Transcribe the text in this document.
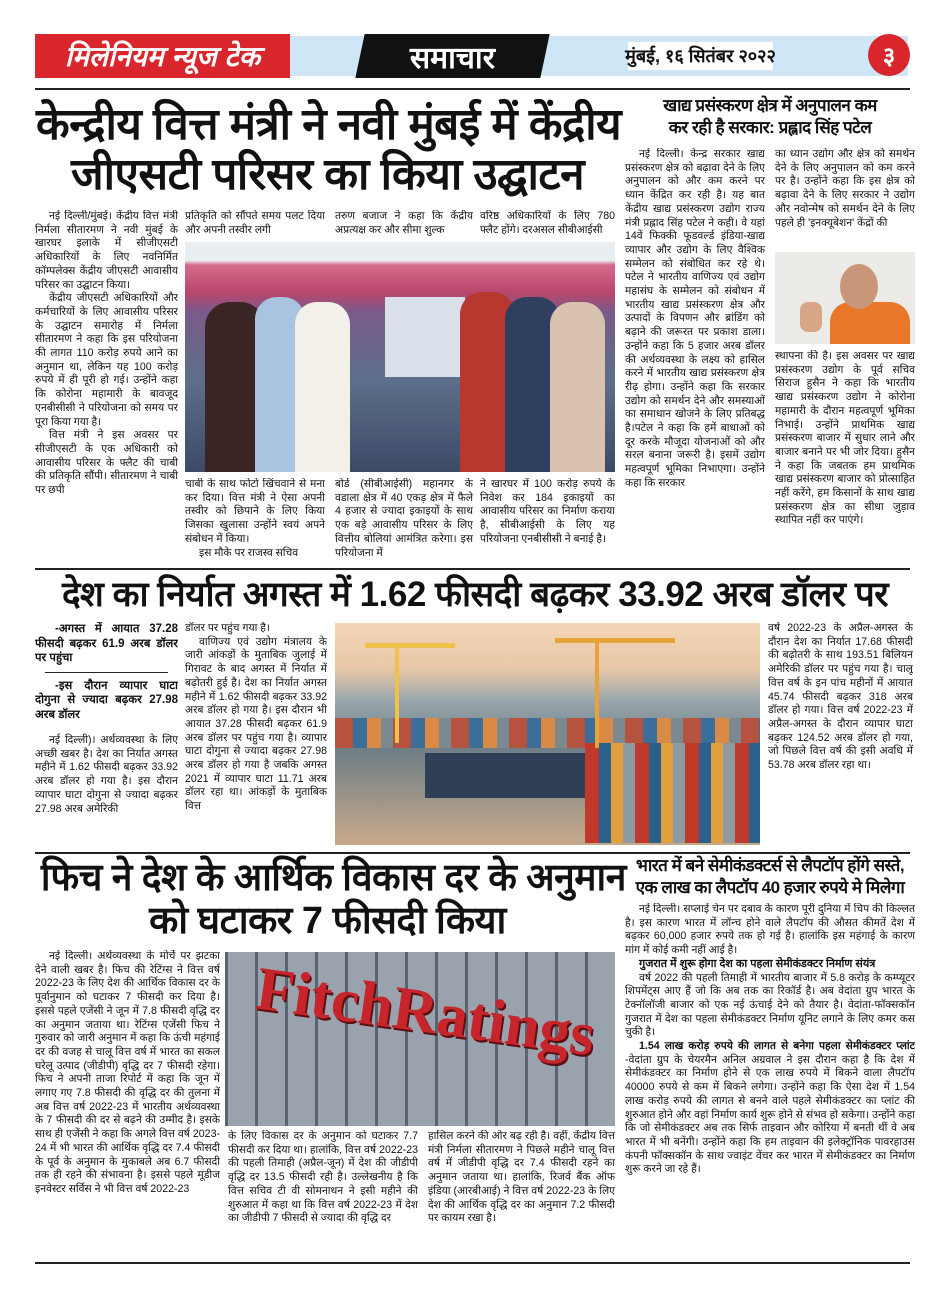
मिलेनियम न्यूज टेक	समाचार	मुंबई, १६ सितंबर २०२२	३
केन्द्रीय वित्त मंत्री ने नवी मुंबई में केंद्रीय
जीएसटी परिसर का किया उद्घाटन

नई दिल्ली/मुंबई। केंद्रीय वित्त मंत्री निर्मला सीतारमण ने नवी मुंबई के खारघर इलाके में सीजीएसटी अधिकारियों के लिए नवनिर्मित कॉम्पलेक्स केंद्रीय जीएसटी आवासीय परिसर का उद्घाटन किया।

केंद्रीय जीएसटी अधिकारियों और कर्मचारियों के लिए आवासीय परिसर के उद्घाटन समारोह में निर्मला सीतारमण ने कहा कि इस परियोजना की लागत 110 करोड़ रुपये आने का अनुमान था, लेकिन यह 100 करोड़ रुपये में ही पूरी हो गई। उन्होंने कहा कि कोरोना महामारी के बावजूद एनबीसीसी ने परियोजना को समय पर पूरा किया गया है।

वित्त मंत्री ने इस अवसर पर सीजीएसटी के एक अधिकारी को आवासीय परिसर के फ्लैट की चाबी की प्रतिकृति सौंपी। सीतारमण ने चाबी पर छपी

प्रतिकृति को सौंपते समय पलट दिया और अपनी तस्वीर लगी

तरुण बजाज ने कहा कि केंद्रीय अप्रत्यक्ष कर और सीमा शुल्क

वरिष्ठ अधिकारियों के लिए 780 फ्लैट होंगे। दरअसल सीबीआईसी

चाबी के साथ फोटो खिंचवाने से मना कर दिया। वित्त मंत्री ने ऐसा अपनी तस्वीर को छिपाने के लिए किया जिसका खुलासा उन्होंने स्वयं अपने संबोधन में किया।

इस मौके पर राजस्व सचिव

बोर्ड (सीबीआईसी) महानगर के वडाला क्षेत्र में 40 एकड़ क्षेत्र में फैले 4 हजार से ज्यादा इकाइयों के साथ एक बड़े आवासीय परिसर के लिए वित्तीय बोलियां आमंत्रित करेगा। इस परियोजना में

ने खारघर में 100 करोड़ रुपये के निवेश कर 184 इकाइयों का आवासीय परिसर का निर्माण कराया है, सीबीआईसी के लिए यह परियोजना एनबीसीसी ने बनाई है।

खाद्य प्रसंस्करण क्षेत्र में अनुपालन कम
कर रही है सरकार: प्रह्लाद सिंह पटेल

नई दिल्ली। केन्द्र सरकार खाद्य प्रसंस्करण क्षेत्र को बढ़ावा देने के लिए अनुपालन को और कम करने पर ध्यान केंद्रित कर रही है। यह बात केंद्रीय खाद्य प्रसंस्करण उद्योग राज्य मंत्री प्रह्लाद सिंह पटेल ने कही। वे यहां 14वें फिक्की फूडवर्ल्ड इंडिया-खाद्य व्यापार और उद्योग के लिए वैश्विक सम्मेलन को संबोधित कर रहे थे। पटेल ने भारतीय वाणिज्य एवं उद्योग महासंघ के सम्मेलन को संबोधन में भारतीय खाद्य प्रसंस्करण क्षेत्र और उत्पादों के विपणन और ब्रांडिंग को बढ़ाने की जरूरत पर प्रकाश डाला। उन्होंने कहा कि 5 हजार अरब डॉलर की अर्थव्यवस्था के लक्ष्य को हासिल करने में भारतीय खाद्य प्रसंस्करण क्षेत्र रीढ़ होगा। उन्होंने कहा कि सरकार उद्योग को समर्थन देने और समस्याओं का समाधान खोजने के लिए प्रतिबद्ध है।पटेल ने कहा कि हमें बाधाओं को दूर करके मौजूदा योजनाओं को और सरल बनाना जरूरी है। इसमें उद्योग महत्वपूर्ण भूमिका निभाएगा। उन्होंने कहा कि सरकार

का ध्यान उद्योग और क्षेत्र को समर्थन देने के लिए अनुपालन को कम करने पर है। उन्होंने कहा कि इस क्षेत्र को बढ़ावा देने के लिए सरकार ने उद्योग और नवोन्मेष को समर्थन देने के लिए पहले ही 'इनक्यूबेशन' केंद्रों की

स्थापना की है। इस अवसर पर खाद्य प्रसंस्करण उद्योग के पूर्व सचिव सिराज हुसैन ने कहा कि भारतीय खाद्य प्रसंस्करण उद्योग ने कोरोना महामारी के दौरान महत्वपूर्ण भूमिका निभाई। उन्होंने प्राथमिक खाद्य प्रसंस्करण बाजार में सुधार लाने और बाजार बनाने पर भी जोर दिया। हुसैन ने कहा कि जबतक हम प्राथमिक खाद्य प्रसंस्करण बाजार को प्रोत्साहित नहीं करेंगे, हम किसानों के साथ खाद्य प्रसंस्करण क्षेत्र का सीधा जुड़ाव स्थापित नहीं कर पाएंगे।

देश का निर्यात अगस्त में 1.62 फीसदी बढ़कर 33.92 अरब डॉलर पर

-अगस्त में आयात 37.28 फीसदी बढ़कर 61.9 अरब डॉलर पर पहुंचा

-इस दौरान व्यापार घाटा दोगुना से ज्यादा बढ़कर 27.98 अरब डॉलर

नई दिल्ली)। अर्थव्यवस्था के लिए अच्छी खबर है। देश का निर्यात अगस्त महीने में 1.62 फीसदी बढ़कर 33.92 अरब डॉलर हो गया है। इस दौरान व्यापार घाटा दोगुना से ज्यादा बढ़कर 27.98 अरब अमेरिकी

डॉलर पर पहुंच गया है।

वाणिज्य एवं उद्योग मंत्रालय के जारी आंकड़ों के मुताबिक जुलाई में गिरावट के बाद अगस्त में निर्यात में बढ़ोतरी हुई है। देश का निर्यात अगस्त महीने में 1.62 फीसदी बढ़कर 33.92 अरब डॉलर हो गया है। इस दौरान भी आयात 37.28 फीसदी बढ़कर 61.9 अरब डॉलर पर पहुंच गया है। व्यापार घाटा दोगुना से ज्यादा बढ़कर 27.98 अरब डॉलर हो गया है जबकि अगस्त 2021 में व्यापार घाटा 11.71 अरब डॉलर रहा था। आंकड़ों के मुताबिक वित्त

वर्ष 2022-23 के अप्रैल-अगस्त के दौरान देश का निर्यात 17.68 फीसदी की बढ़ोतरी के साथ 193.51 बिलियन अमेरिकी डॉलर पर पहुंच गया है। चालू वित्त वर्ष के इन पांच महीनों में आयात 45.74 फीसदी बढ़कर 318 अरब डॉलर हो गया। वित्त वर्ष 2022-23 में अप्रैल-अगस्त के दौरान व्यापार घाटा बढ़कर 124.52 अरब डॉलर हो गया, जो पिछले वित्त वर्ष की इसी अवधि में 53.78 अरब डॉलर रहा था।

फिच ने देश के आर्थिक विकास दर के अनुमान
को घटाकर 7 फीसदी किया

नई दिल्ली। अर्थव्यवस्था के मोर्चे पर झटका देने वाली खबर है। फिच की रेटिंग्स ने वित्त वर्ष 2022-23 के लिए देश की आर्थिक विकास दर के पूर्वानुमान को घटाकर 7 फीसदी कर दिया है। इससे पहले एजेंसी ने जून में 7.8 फीसदी वृद्धि दर का अनुमान जताया था। रेटिंग्स एजेंसी फिच ने गुरुवार को जारी अनुमान में कहा कि ऊंची महंगाई दर की वजह से चालू वित्त वर्ष में भारत का सकल घरेलू उत्पाद (जीडीपी) वृद्धि दर 7 फीसदी रहेगा। फिच ने अपनी ताजा रिपोर्ट में कहा कि जून में लगाए गए 7.8 फीसदी की वृद्धि दर की तुलना में अब वित्त वर्ष 2022-23 में भारतीय अर्थव्यवस्था के 7 फीसदी की दर से बढ़ने की उम्मीद है। इसके साथ ही एजेंसी ने कहा कि अगले वित्त वर्ष 2023-24 में भी भारत की आर्थिक वृद्धि दर 7.4 फीसदी के पूर्व के अनुमान के मुकाबले अब 6.7 फीसदी तक ही रहने की संभावना है। इससे पहले मूडीज इनवेस्टर सर्विस ने भी वित्त वर्ष 2022-23

FitchRatings

के लिए विकास दर के अनुमान को घटाकर 7.7 फीसदी कर दिया था। हालांकि, वित्त वर्ष 2022-23 की पहली तिमाही (अप्रैल-जून) में देश की जीडीपी वृद्धि दर 13.5 फीसदी रही है। उल्लेखनीय है कि वित्त सचिव टी वी सोमनाथन ने इसी महीने की शुरुआत में कहा था कि वित्त वर्ष 2022-23 में देश का जीडीपी 7 फीसदी से ज्यादा की वृद्धि दर

हासिल करने की ओर बढ़ रही है। वहीं, केंद्रीय वित्त मंत्री निर्मला सीतारमण ने पिछले महीने चालू वित्त वर्ष में जीडीपी वृद्धि दर 7.4 फीसदी रहने का अनुमान जताया था। हालांकि, रिजर्व बैंक ऑफ इंडिया (आरबीआई) ने वित्त वर्ष 2022-23 के लिए देश की आर्थिक वृद्धि दर का अनुमान 7.2 फीसदी पर कायम रखा है।

भारत में बने सेमीकंडक्टर्स से लैपटॉप होंगे सस्ते, एक लाख का लैपटॉप 40 हजार रुपये मे मिलेगा

नई दिल्ली। सप्लाई चेन पर दबाव के कारण पूरी दुनिया में चिप की किल्लत है। इस कारण भारत में लॉन्च होने वाले लैपटॉप की औसत कीमतें देश में बढ़कर 60,000 हजार रुपये तक हो गई है। हालांकि इस महंगाई के कारण मांग में कोई कमी नहीं आई है।

गुजरात में शुरू होगा देश का पहला सेमीकंडक्टर निर्माण संयंत्र

वर्ष 2022 की पहली तिमाही में भारतीय बाजार में 5.8 करोड़ के कम्प्यूटर शिपमेंट्स आए हैं जो कि अब तक का रिकॉर्ड है। अब वेदांता ग्रुप भारत के टेक्नॉलॉजी बाजार को एक नई ऊंचाई देने को तैयार है। वेदांता-फॉक्सकॉन गुजरात में देश का पहला सेमीकंडक्टर निर्माण यूनिट लगाने के लिए कमर कस चुकी है।

1.54 लाख करोड़ रुपये की लागत से बनेगा पहला सेमीकंडक्टर प्लांट -वेदांता ग्रुप के चेयरमैन अनिल अग्रवाल ने इस दौरान कहा है कि देश में सेमीकंडक्टर का निर्माण होने से एक लाख रुपये में बिकने वाला लैपटॉप 40000 रुपये से कम में बिकने लगेगा। उन्होंने कहा कि ऐसा देश में 1.54 लाख करोड़ रुपये की लागत से बनने वाले पहले सेमीकंडक्टर का प्लांट की शुरुआत होने और वहां निर्माण कार्य शुरू होने से संभव हो सकेगा। उन्होंने कहा कि जो सेमीकंडक्टर अब तक सिर्फ ताइवान और कोरिया में बनती थीं वे अब भारत में भी बनेंगी। उन्होंने कहा कि हम ताइवान की इलेक्ट्रॉनिक पावरहाउस कंपनी फॉक्सकॉन के साथ ज्वाइंट वेंचर कर भारत में सेमीकंडक्टर का निर्माण शुरू करने जा रहे हैं।
